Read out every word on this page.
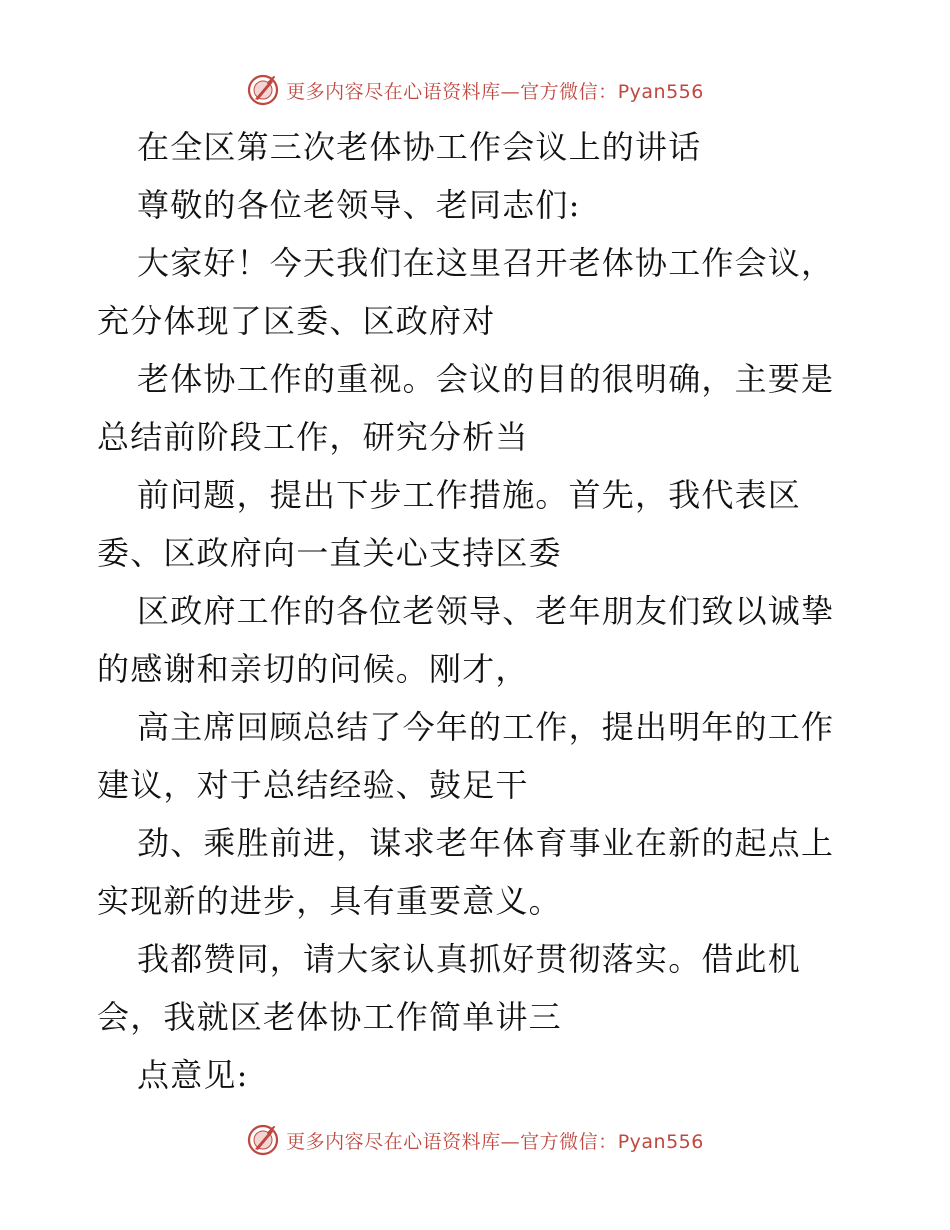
更多内容尽在心语资料库—官方微信：Pyan556
在全区第三次老体协工作会议上的讲话
尊敬的各位老领导、老同志们:
大家好！今天我们在这里召开老体协工作会议，
充分体现了区委、区政府对
老体协工作的重视。会议的目的很明确，主要是
总结前阶段工作，研究分析当
前问题，提出下步工作措施。首先，我代表区
委、区政府向一直关心支持区委
区政府工作的各位老领导、老年朋友们致以诚挚
的感谢和亲切的问候。刚才，
高主席回顾总结了今年的工作，提出明年的工作
建议，对于总结经验、鼓足干
劲、乘胜前进，谋求老年体育事业在新的起点上
实现新的进步，具有重要意义。
我都赞同，请大家认真抓好贯彻落实。借此机
会，我就区老体协工作简单讲三
点意见:
更多内容尽在心语资料库—官方微信：Pyan556
